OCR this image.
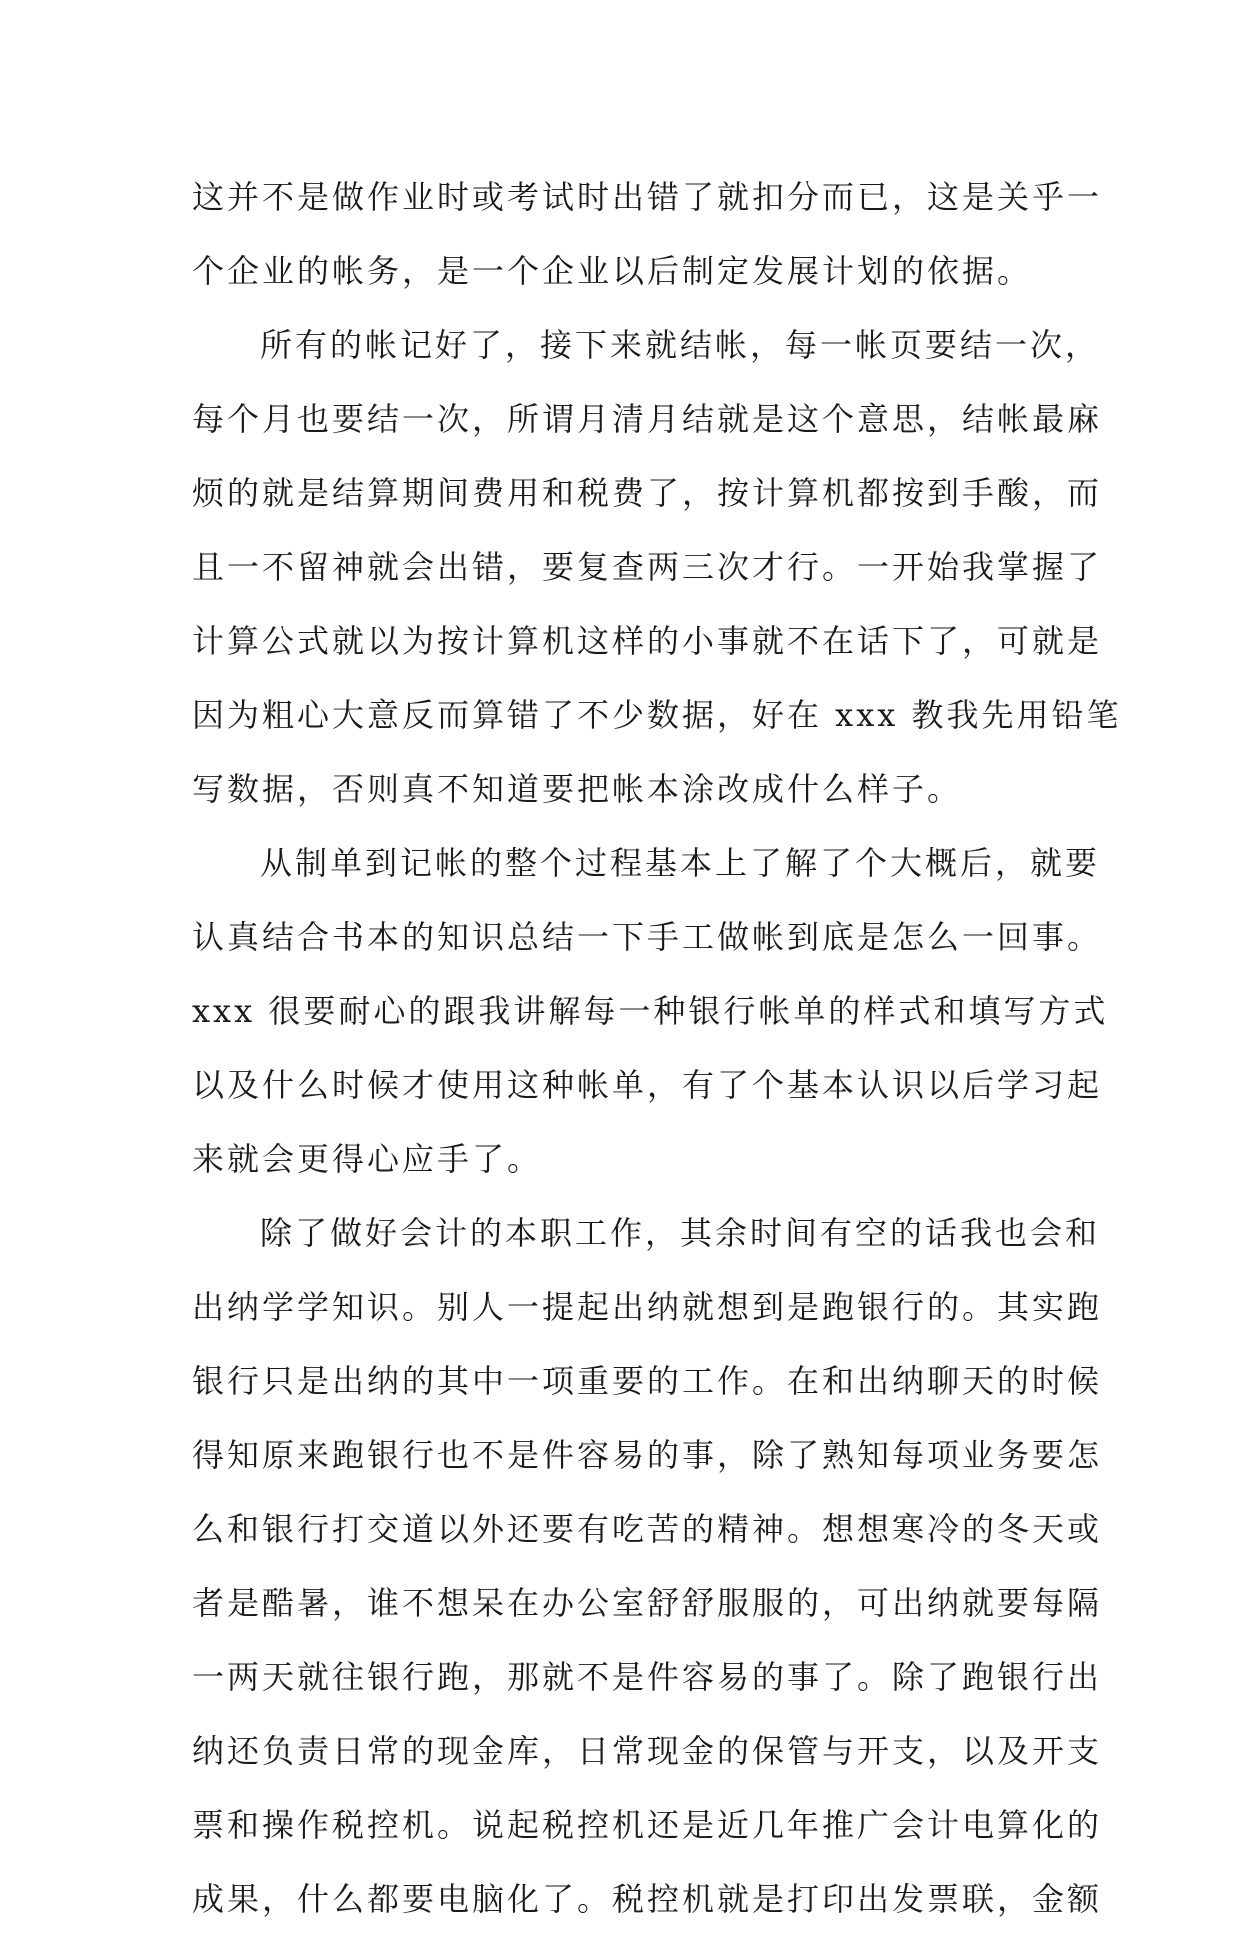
这并不是做作业时或考试时出错了就扣分而已，这是关乎一
个企业的帐务，是一个企业以后制定发展计划的依据。
所有的帐记好了，接下来就结帐，每一帐页要结一次，
每个月也要结一次，所谓月清月结就是这个意思，结帐最麻
烦的就是结算期间费用和税费了，按计算机都按到手酸，而
且一不留神就会出错，要复查两三次才行。一开始我掌握了
计算公式就以为按计算机这样的小事就不在话下了，可就是
因为粗心大意反而算错了不少数据，好在 xxx 教我先用铅笔
写数据，否则真不知道要把帐本涂改成什么样子。
从制单到记帐的整个过程基本上了解了个大概后，就要
认真结合书本的知识总结一下手工做帐到底是怎么一回事。
xxx 很要耐心的跟我讲解每一种银行帐单的样式和填写方式
以及什么时候才使用这种帐单，有了个基本认识以后学习起
来就会更得心应手了。
除了做好会计的本职工作，其余时间有空的话我也会和
出纳学学知识。别人一提起出纳就想到是跑银行的。其实跑
银行只是出纳的其中一项重要的工作。在和出纳聊天的时候
得知原来跑银行也不是件容易的事，除了熟知每项业务要怎
么和银行打交道以外还要有吃苦的精神。想想寒冷的冬天或
者是酷暑，谁不想呆在办公室舒舒服服的，可出纳就要每隔
一两天就往银行跑，那就不是件容易的事了。除了跑银行出
纳还负责日常的现金库，日常现金的保管与开支，以及开支
票和操作税控机。说起税控机还是近几年推广会计电算化的
成果，什么都要电脑化了。税控机就是打印出发票联，金额
